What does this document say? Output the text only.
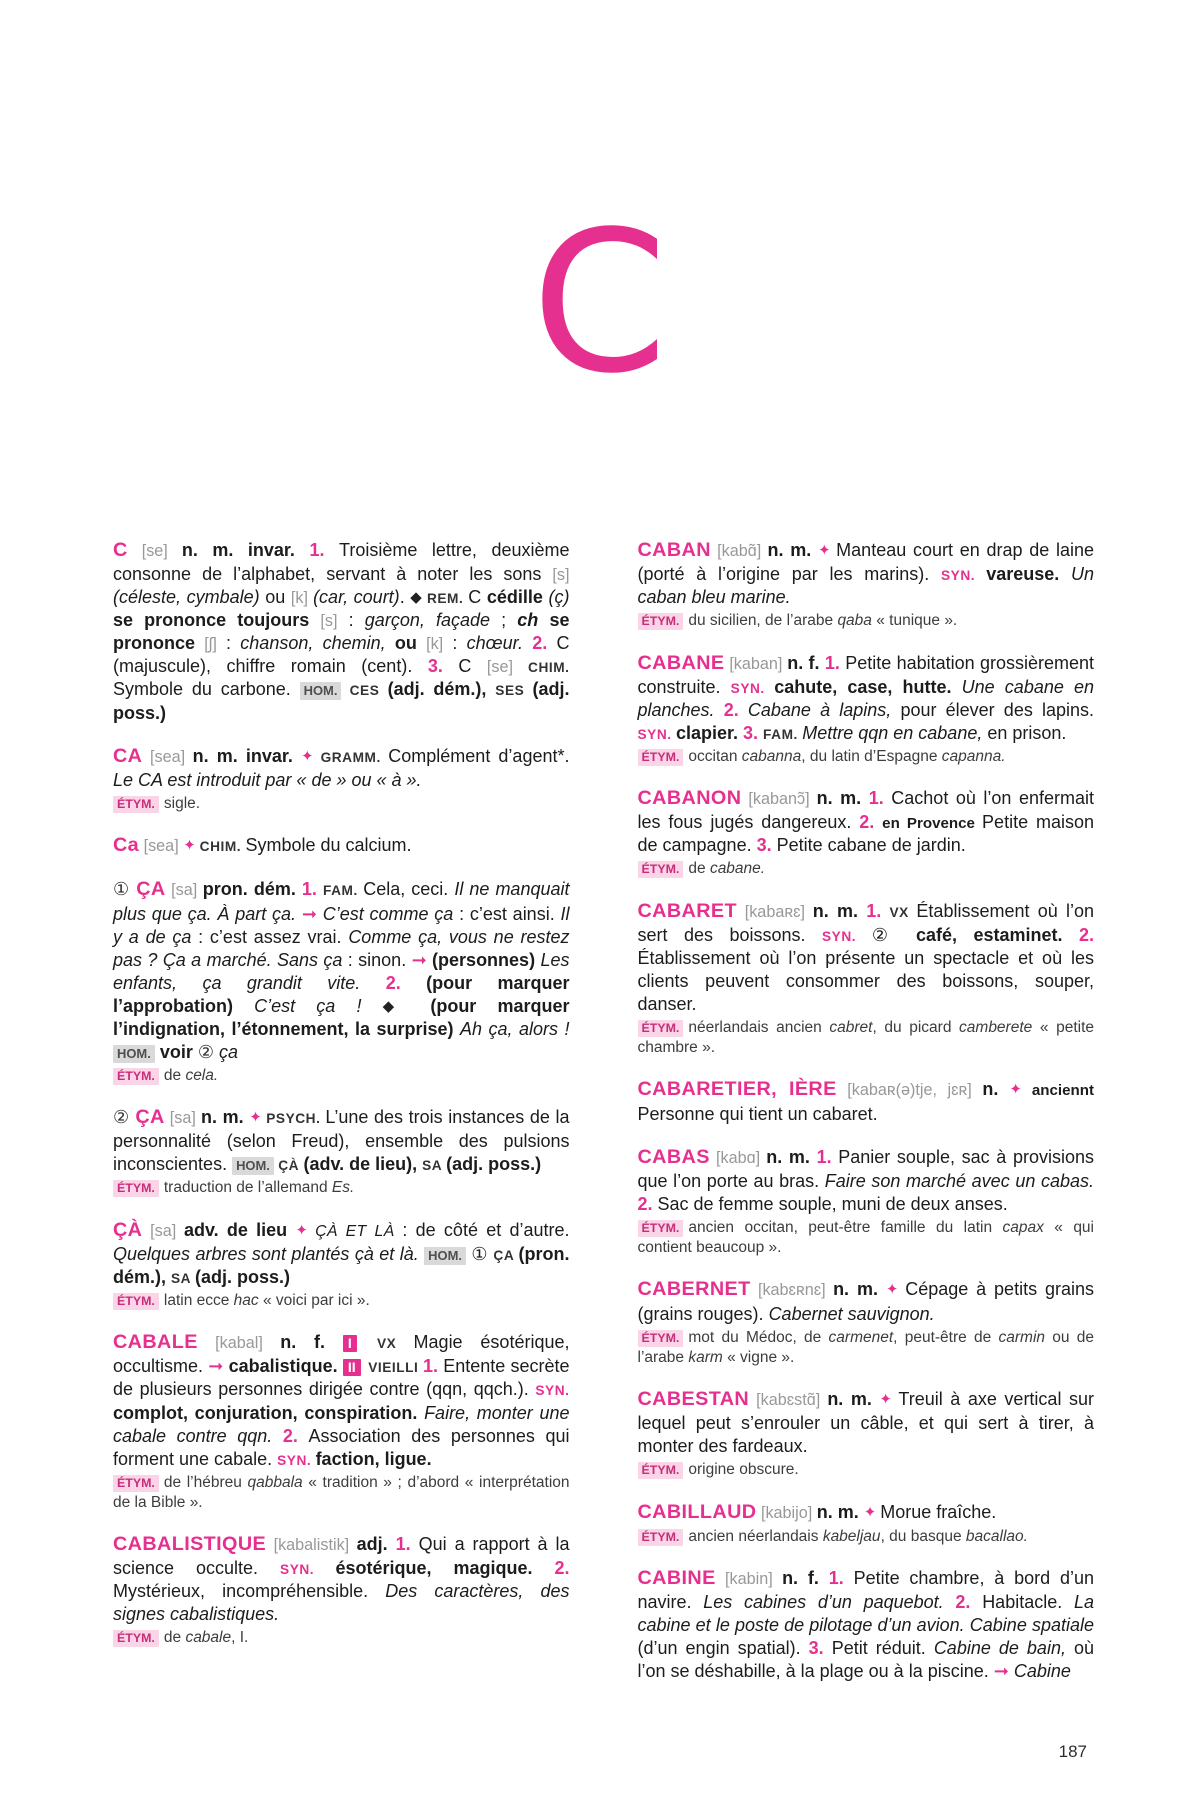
C

C [se] n. m. invar. 1. Troisième lettre, deuxième consonne de l’alphabet, servant à noter les sons [s] (céleste, cymbale) ou [k] (car, court). ◆ REM. C cédille (ç) se prononce toujours [s] : garçon, façade ; ch se prononce [ʃ] : chanson, chemin, ou [k] : chœur. 2. C (majuscule), chiffre romain (cent). 3. C [se] CHIM. Symbole du carbone. HOM. CES (adj. dém.), SES (adj. poss.)

CA [sea] n. m. invar. ✦ GRAMM. Complément d’agent*. Le CA est introduit par « de » ou « à ».

ÉTYM. sigle.

Ca [sea] ✦ CHIM. Symbole du calcium.

① ÇA [sa] pron. dém. 1. FAM. Cela, ceci. Il ne manquait plus que ça. À part ça. ➞ C’est comme ça : c’est ainsi. Il y a de ça : c’est assez vrai. Comme ça, vous ne restez pas ? Ça a marché. Sans ça : sinon. ➞ (personnes) Les enfants, ça grandit vite. 2. (pour marquer l’approbation) C’est ça ! ◆ (pour marquer l’indignation, l’étonnement, la surprise) Ah ça, alors ! HOM. voir ② ça

ÉTYM. de cela.

② ÇA [sa] n. m. ✦ PSYCH. L’une des trois instances de la personnalité (selon Freud), ensemble des pulsions inconscientes. HOM. ÇÀ (adv. de lieu), SA (adj. poss.)

ÉTYM. traduction de l’allemand Es.

ÇÀ [sa] adv. de lieu ✦ ÇÀ ET LÀ : de côté et d’autre. Quelques arbres sont plantés çà et là. HOM. ① ÇA (pron. dém.), SA (adj. poss.)

ÉTYM. latin ecce hac « voici par ici ».

CABALE [kabal] n. f. I VX Magie ésotérique, occultisme. ➞ cabalistique. II VIEILLI 1. Entente secrète de plusieurs personnes dirigée contre (qqn, qqch.). SYN. complot, conjuration, conspiration. Faire, monter une cabale contre qqn. 2. Association des personnes qui forment une cabale. SYN. faction, ligue.

ÉTYM. de l’hébreu qabbala « tradition » ; d’abord « interprétation de la Bible ».

CABALISTIQUE [kabalistik] adj. 1. Qui a rapport à la science occulte. SYN. ésotérique, magique. 2. Mystérieux, incompréhensible. Des caractères, des signes cabalistiques.

ÉTYM. de cabale, I.

CABAN [kabɑ̃] n. m. ✦ Manteau court en drap de laine (porté à l’origine par les marins). SYN. vareuse. Un caban bleu marine.

ÉTYM. du sicilien, de l’arabe qaba « tunique ».

CABANE [kaban] n. f. 1. Petite habitation grossièrement construite. SYN. cahute, case, hutte. Une cabane en planches. 2. Cabane à lapins, pour élever des lapins. SYN. clapier. 3. FAM. Mettre qqn en cabane, en prison.

ÉTYM. occitan cabanna, du latin d’Espagne capanna.

CABANON [kabanɔ̃] n. m. 1. Cachot où l’on enfermait les fous jugés dangereux. 2. en Provence Petite maison de campagne. 3. Petite cabane de jardin.

ÉTYM. de cabane.

CABARET [kabaʀɛ] n. m. 1. VX Établissement où l’on sert des boissons. SYN. ② café, estaminet. 2. Établissement où l’on présente un spectacle et où les clients peuvent consommer des boissons, souper, danser.

ÉTYM. néerlandais ancien cabret, du picard camberete « petite chambre ».

CABARETIER, IÈRE [kabaʀ(ə)tje, jɛʀ] n. ✦ anciennt Personne qui tient un cabaret.

CABAS [kabɑ] n. m. 1. Panier souple, sac à provisions que l’on porte au bras. Faire son marché avec un cabas. 2. Sac de femme souple, muni de deux anses.

ÉTYM. ancien occitan, peut-être famille du latin capax « qui contient beaucoup ».

CABERNET [kabɛʀnɛ] n. m. ✦ Cépage à petits grains (grains rouges). Cabernet sauvignon.

ÉTYM. mot du Médoc, de carmenet, peut-être de carmin ou de l’arabe karm « vigne ».

CABESTAN [kabɛstɑ̃] n. m. ✦ Treuil à axe vertical sur lequel peut s’enrouler un câble, et qui sert à tirer, à monter des fardeaux.

ÉTYM. origine obscure.

CABILLAUD [kabijo] n. m. ✦ Morue fraîche.

ÉTYM. ancien néerlandais kabeljau, du basque bacallao.

CABINE [kabin] n. f. 1. Petite chambre, à bord d’un navire. Les cabines d’un paquebot. 2. Habitacle. La cabine et le poste de pilotage d’un avion. Cabine spatiale (d’un engin spatial). 3. Petit réduit. Cabine de bain, où l’on se déshabille, à la plage ou à la piscine. ➞ Cabine

187
